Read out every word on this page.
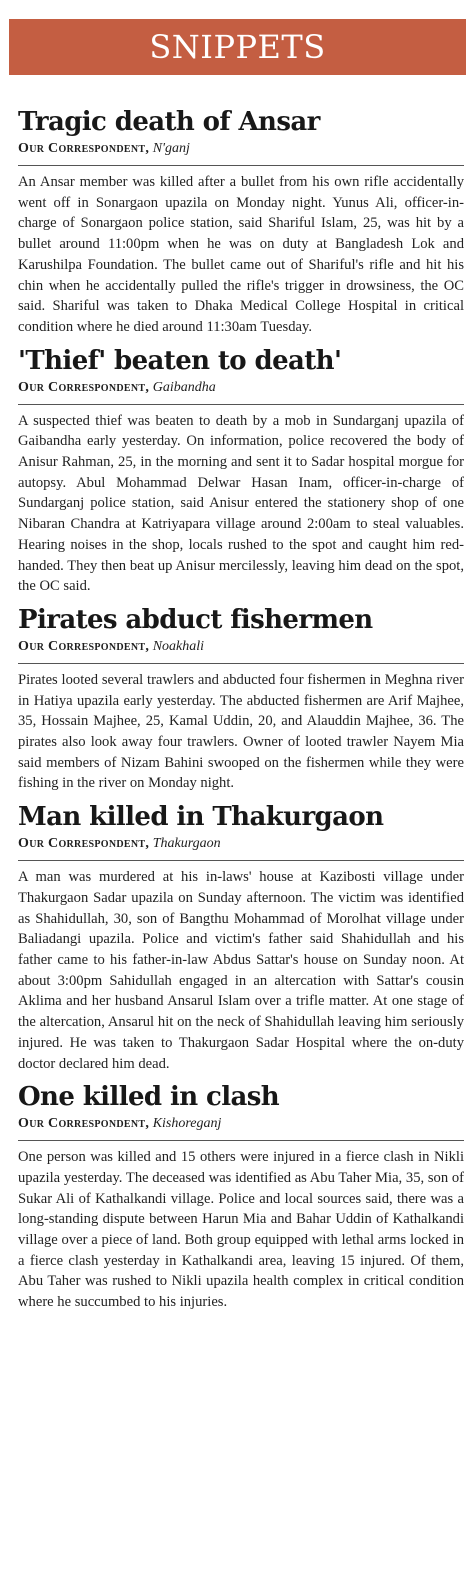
SNIPPETS
Tragic death of Ansar
Our Correspondent, N'ganj

An Ansar member was killed after a bullet from his own rifle accidentally went off in Sonargaon upazila on Monday night. Yunus Ali, officer-in-charge of Sonargaon police station, said Shariful Islam, 25, was hit by a bullet around 11:00pm when he was on duty at Bangladesh Lok and Karushilpa Foundation. The bullet came out of Shariful's rifle and hit his chin when he accidentally pulled the rifle's trigger in drowsiness, the OC said. Shariful was taken to Dhaka Medical College Hospital in critical condition where he died around 11:30am Tuesday.

'Thief' beaten to death'
Our Correspondent, Gaibandha

A suspected thief was beaten to death by a mob in Sundarganj upazila of Gaibandha early yesterday. On information, police recovered the body of Anisur Rahman, 25, in the morning and sent it to Sadar hospital morgue for autopsy. Abul Mohammad Delwar Hasan Inam, officer-in-charge of Sundarganj police station, said Anisur entered the stationery shop of one Nibaran Chandra at Katriyapara village around 2:00am to steal valuables. Hearing noises in the shop, locals rushed to the spot and caught him red-handed. They then beat up Anisur mercilessly, leaving him dead on the spot, the OC said.

Pirates abduct fishermen
Our Correspondent, Noakhali

Pirates looted several trawlers and abducted four fishermen in Meghna river in Hatiya upazila early yesterday. The abducted fishermen are Arif Majhee, 35, Hossain Majhee, 25, Kamal Uddin, 20, and Alauddin Majhee, 36. The pirates also look away four trawlers. Owner of looted trawler Nayem Mia said members of Nizam Bahini swooped on the fishermen while they were fishing in the river on Monday night.

Man killed in Thakurgaon
Our Correspondent, Thakurgaon

A man was murdered at his in-laws' house at Kazibosti village under Thakurgaon Sadar upazila on Sunday afternoon. The victim was identified as Shahidullah, 30, son of Bangthu Mohammad of Morolhat village under Baliadangi upazila. Police and victim's father said Shahidullah and his father came to his father-in-law Abdus Sattar's house on Sunday noon. At about 3:00pm Sahidullah engaged in an altercation with Sattar's cousin Aklima and her husband Ansarul Islam over a trifle matter. At one stage of the altercation, Ansarul hit on the neck of Shahidullah leaving him seriously injured. He was taken to Thakurgaon Sadar Hospital where the on-duty doctor declared him dead.

One killed in clash
Our Correspondent, Kishoreganj

One person was killed and 15 others were injured in a fierce clash in Nikli upazila yesterday. The deceased was identified as Abu Taher Mia, 35, son of Sukar Ali of Kathalkandi village. Police and local sources said, there was a long-standing dispute between Harun Mia and Bahar Uddin of Kathalkandi village over a piece of land. Both group equipped with lethal arms locked in a fierce clash yesterday in Kathalkandi area, leaving 15 injured. Of them, Abu Taher was rushed to Nikli upazila health complex in critical condition where he succumbed to his injuries.
